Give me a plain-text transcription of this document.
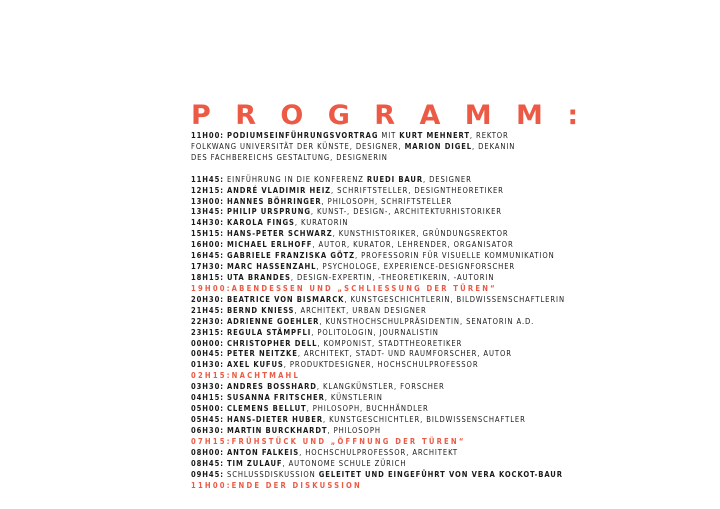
PROGRAMM:
11H00: PODIUMSEINFÜHRUNGSVORTRAG MIT KURT MEHNERT, REKTOR
FOLKWANG UNIVERSITÄT DER KÜNSTE, DESIGNER, MARION DIGEL, DEKANIN
DES FACHBEREICHS GESTALTUNG, DESIGNERIN
11H45: EINFÜHRUNG IN DIE KONFERENZ RUEDI BAUR, DESIGNER
12H15: ANDRÉ VLADIMIR HEIZ, SCHRIFTSTELLER, DESIGNTHEORETIKER
13H00: HANNES BÖHRINGER, PHILOSOPH, SCHRIFTSTELLER
13H45: PHILIP URSPRUNG, KUNST-, DESIGN-, ARCHITEKTURHISTORIKER
14H30: KAROLA FINGS, KURATORIN
15H15: HANS-PETER SCHWARZ, KUNSTHISTORIKER, GRÜNDUNGSREKTOR
16H00: MICHAEL ERLHOFF, AUTOR, KURATOR, LEHRENDER, ORGANISATOR
16H45: GABRIELE FRANZISKA GÖTZ, PROFESSORIN FÜR VISUELLE KOMMUNIKATION
17H30: MARC HASSENZAHL, PSYCHOLOGE, EXPERIENCE-DESIGNFORSCHER
18H15: UTA BRANDES, DESIGN-EXPERTIN, -THEORETIKERIN, -AUTORIN
19H00:ABENDESSEN UND „SCHLIESSUNG DER TÜREN“
20H30: BEATRICE VON BISMARCK, KUNSTGESCHICHTLERIN, BILDWISSENSCHAFTLERIN
21H45: BERND KNIESS, ARCHITEKT, URBAN DESIGNER
22H30: ADRIENNE GOEHLER, KUNSTHOCHSCHULPRÄSIDENTIN, SENATORIN A.D.
23H15: REGULA STÄMPFLI, POLITOLOGIN, JOURNALISTIN
00H00: CHRISTOPHER DELL, KOMPONIST, STADTTHEORETIKER
00H45: PETER NEITZKE, ARCHITEKT, STADT- UND RAUMFORSCHER, AUTOR
01H30: AXEL KUFUS, PRODUKTDESIGNER, HOCHSCHULPROFESSOR
02H15:NACHTMAHL
03H30: ANDRES BOSSHARD, KLANGKÜNSTLER, FORSCHER
04H15: SUSANNA FRITSCHER, KÜNSTLERIN
05H00: CLEMENS BELLUT, PHILOSOPH, BUCHHÄNDLER
05H45: HANS-DIETER HUBER, KUNSTGESCHICHTLER, BILDWISSENSCHAFTLER
06H30: MARTIN BURCKHARDT, PHILOSOPH
07H15:FRÜHSTÜCK UND „ÖFFNUNG DER TÜREN“
08H00: ANTON FALKEIS, HOCHSCHULPROFESSOR, ARCHITEKT
08H45: TIM ZULAUF, AUTONOME SCHULE ZÜRICH
09H45: SCHLUSSDISKUSSION GELEITET UND EINGEFÜHRT VON VERA KOCKOT-BAUR
11H00:ENDE DER DISKUSSION
